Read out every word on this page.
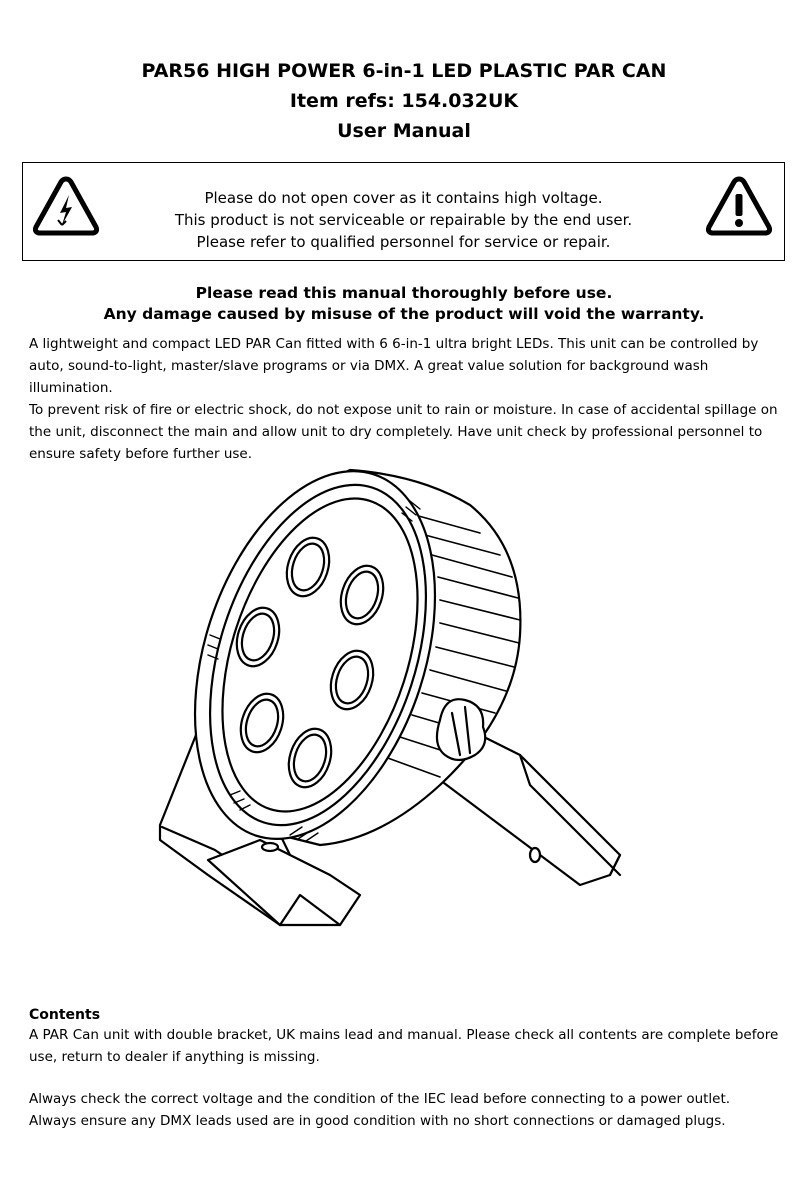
PAR56 HIGH POWER 6-in-1 LED PLASTIC PAR CAN
Item refs: 154.032UK
User Manual
Please do not open cover as it contains high voltage.
This product is not serviceable or repairable by the end user.
Please refer to qualified personnel for service or repair.
Please read this manual thoroughly before use.
Any damage caused by misuse of the product will void the warranty.

A lightweight and compact LED PAR Can fitted with 6 6-in-1 ultra bright LEDs. This unit can be controlled by auto, sound-to-light, master/slave programs or via DMX. A great value solution for background wash illumination.

To prevent risk of fire or electric shock, do not expose unit to rain or moisture. In case of accidental spillage on the unit, disconnect the main and allow unit to dry completely. Have unit check by professional personnel to ensure safety before further use.

Contents

A PAR Can unit with double bracket, UK mains lead and manual. Please check all contents are complete before use, return to dealer if anything is missing.

Always check the correct voltage and the condition of the IEC lead before connecting to a power outlet.

Always ensure any DMX leads used are in good condition with no short connections or damaged plugs.
